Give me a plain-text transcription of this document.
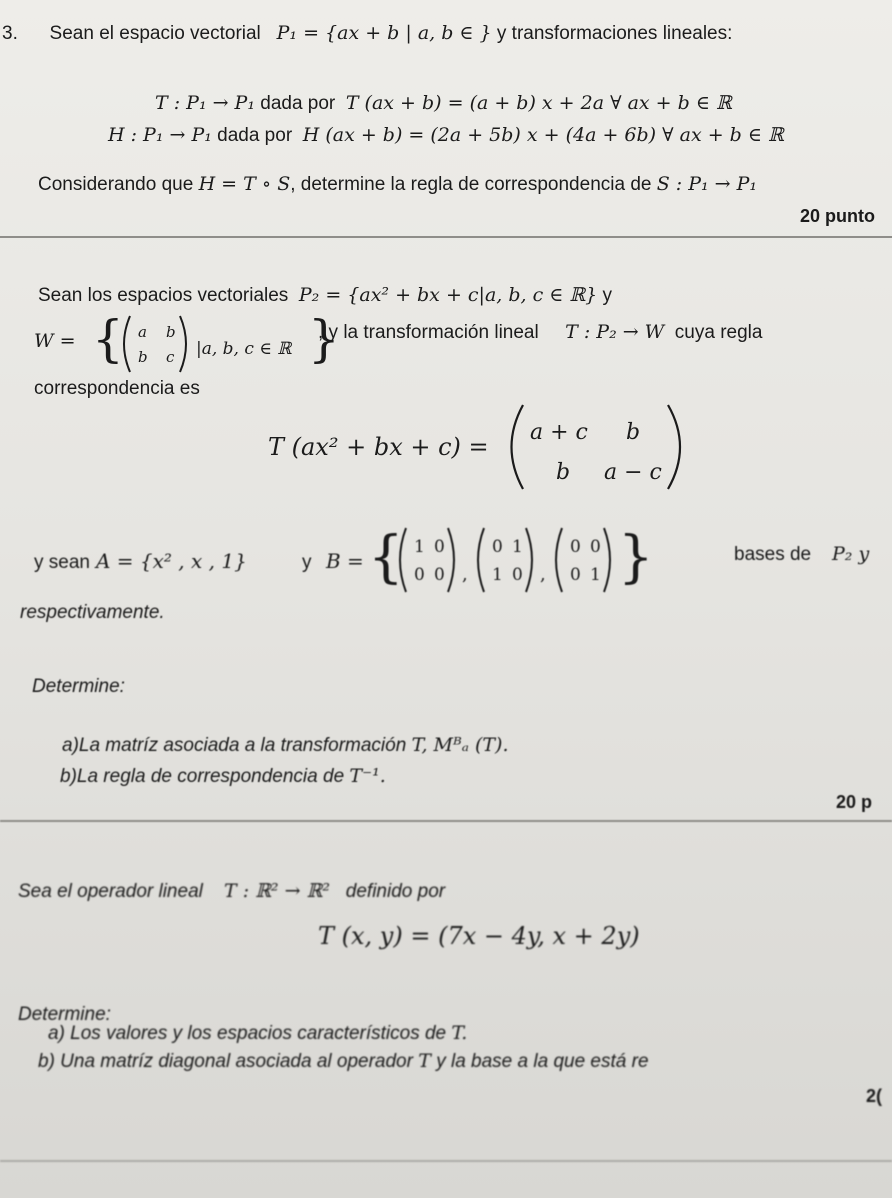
3. Sean el espacio vectorial P₁ = {ax + b | a, b ∈ } y transformaciones lineales:
T : P₁ → P₁ dada por T (ax + b) = (a + b) x + 2a ∀ ax + b ∈ ℝ
H : P₁ → P₁ dada por H (ax + b) = (2a + 5b) x + (4a + 6b) ∀ ax + b ∈ ℝ
Considerando que H = T ∘ S, determine la regla de correspondencia de S : P₁ → P₁
20 punto
Sean los espacios vectoriales P₂ = {ax² + bx + c|a, b, c ∈ ℝ} y
W = { a b
b c |a, b, c ∈ ℝ }
, y la transformación lineal T : P₂ → W cuya regla
correspondencia es
T (ax² + bx + c) =
a + c b
b a − c
y sean A = {x² , x , 1}	y B = { 1 0
0 0 ,
0 1
1 0 ,
0 0
0 1 }	bases de P₂ y
respectivamente.
Determine:
a)La matríz asociada a la transformación T, Mᴮₐ (T).
b)La regla de correspondencia de T⁻¹.
20 p
Sea el operador lineal T : ℝ² → ℝ² definido por
T (x, y) = (7x − 4y, x + 2y)
Determine:
a) Los valores y los espacios característicos de T.
b) Una matríz diagonal asociada al operador T y la base a la que está re
2(
